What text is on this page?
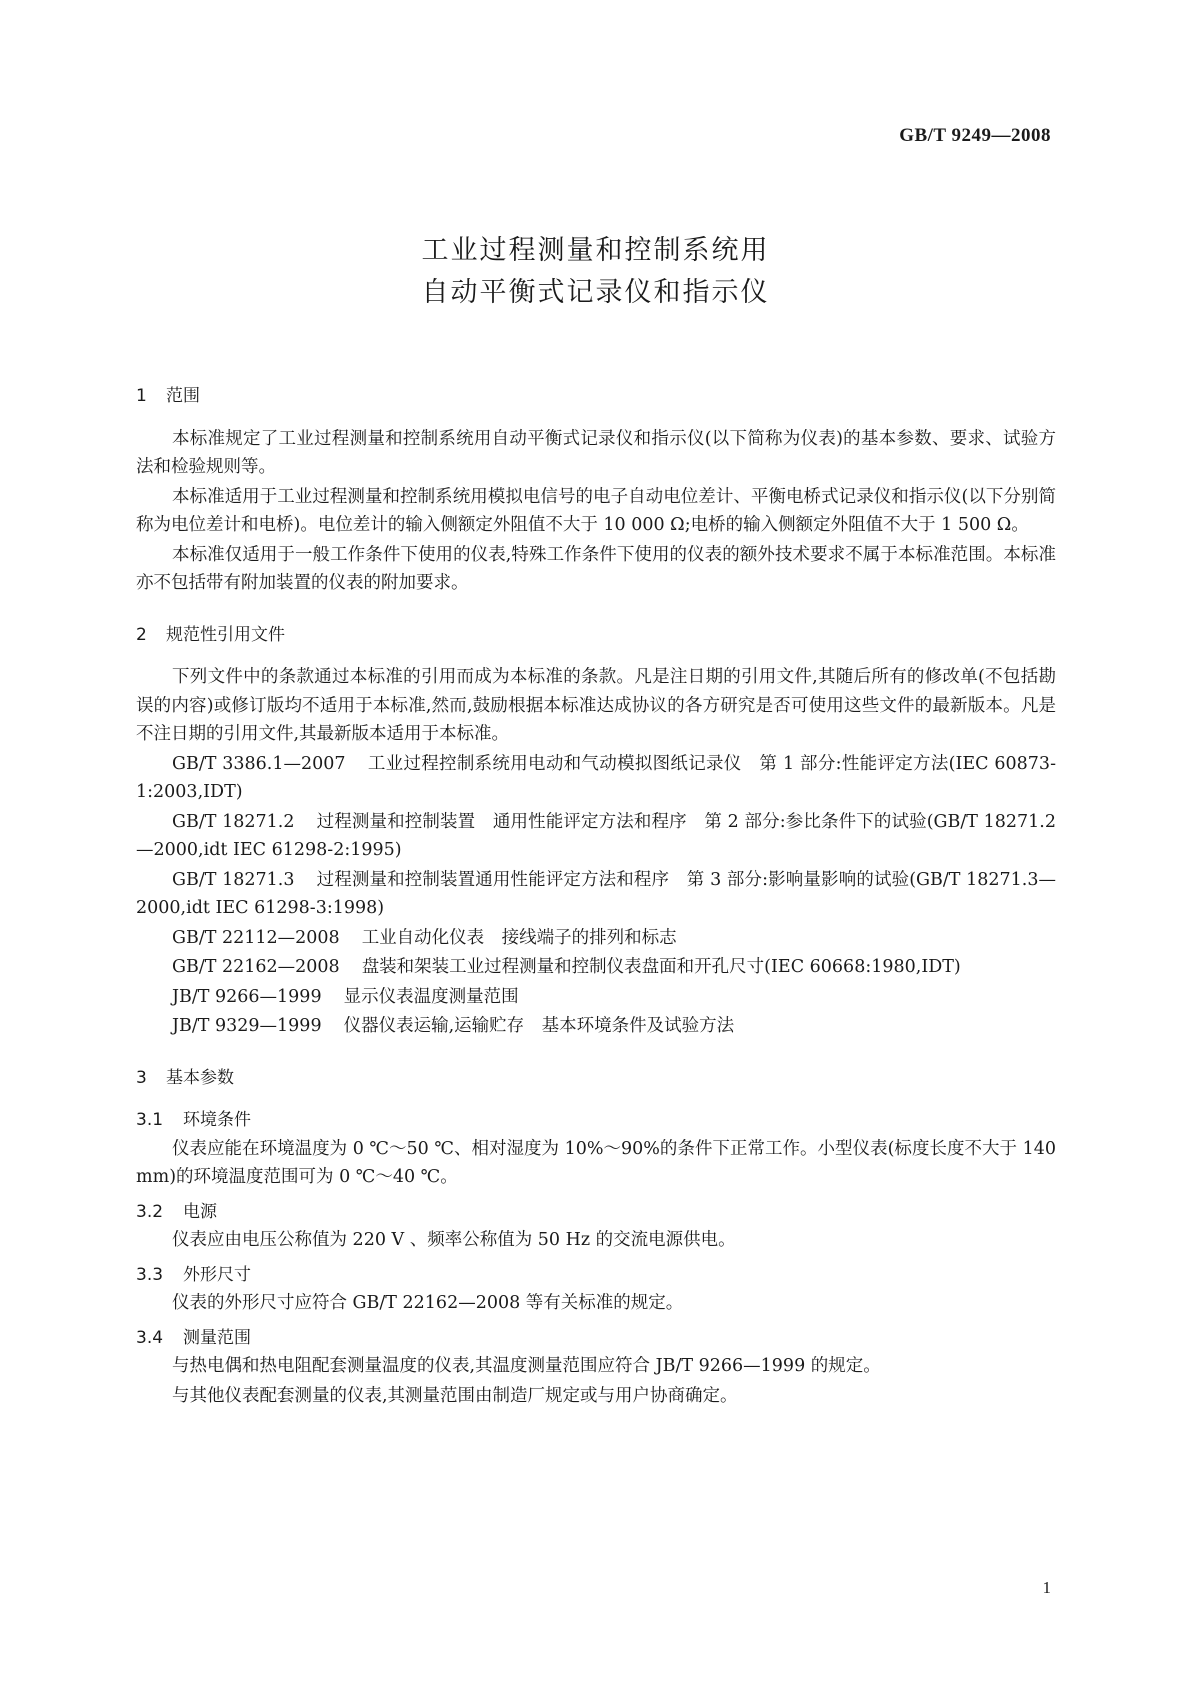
GB/T 9249—2008
工业过程测量和控制系统用
自动平衡式记录仪和指示仪
1 范围

本标准规定了工业过程测量和控制系统用自动平衡式记录仪和指示仪(以下简称为仪表)的基本参数、要求、试验方法和检验规则等。

本标准适用于工业过程测量和控制系统用模拟电信号的电子自动电位差计、平衡电桥式记录仪和指示仪(以下分别简称为电位差计和电桥)。电位差计的输入侧额定外阻值不大于 10 000 Ω;电桥的输入侧额定外阻值不大于 1 500 Ω。

本标准仅适用于一般工作条件下使用的仪表,特殊工作条件下使用的仪表的额外技术要求不属于本标准范围。本标准亦不包括带有附加装置的仪表的附加要求。

2 规范性引用文件

下列文件中的条款通过本标准的引用而成为本标准的条款。凡是注日期的引用文件,其随后所有的修改单(不包括勘误的内容)或修订版均不适用于本标准,然而,鼓励根据本标准达成协议的各方研究是否可使用这些文件的最新版本。凡是不注日期的引用文件,其最新版本适用于本标准。

GB/T 3386.1—2007 工业过程控制系统用电动和气动模拟图纸记录仪　第 1 部分:性能评定方法(IEC 60873-1:2003,IDT)

GB/T 18271.2 过程测量和控制装置　通用性能评定方法和程序　第 2 部分:参比条件下的试验(GB/T 18271.2—2000,idt IEC 61298-2:1995)

GB/T 18271.3 过程测量和控制装置通用性能评定方法和程序　第 3 部分:影响量影响的试验(GB/T 18271.3—2000,idt IEC 61298-3:1998)

GB/T 22112—2008 工业自动化仪表　接线端子的排列和标志

GB/T 22162—2008 盘装和架装工业过程测量和控制仪表盘面和开孔尺寸(IEC 60668:1980,IDT)

JB/T 9266—1999 显示仪表温度测量范围

JB/T 9329—1999 仪器仪表运输,运输贮存　基本环境条件及试验方法

3 基本参数
3.1 环境条件

仪表应能在环境温度为 0 ℃～50 ℃、相对湿度为 10%～90%的条件下正常工作。小型仪表(标度长度不大于 140 mm)的环境温度范围可为 0 ℃～40 ℃。

3.2 电源

仪表应由电压公称值为 220 V 、频率公称值为 50 Hz 的交流电源供电。

3.3 外形尺寸

仪表的外形尺寸应符合 GB/T 22162—2008 等有关标准的规定。

3.4 测量范围

与热电偶和热电阻配套测量温度的仪表,其温度测量范围应符合 JB/T 9266—1999 的规定。

与其他仪表配套测量的仪表,其测量范围由制造厂规定或与用户协商确定。

1
